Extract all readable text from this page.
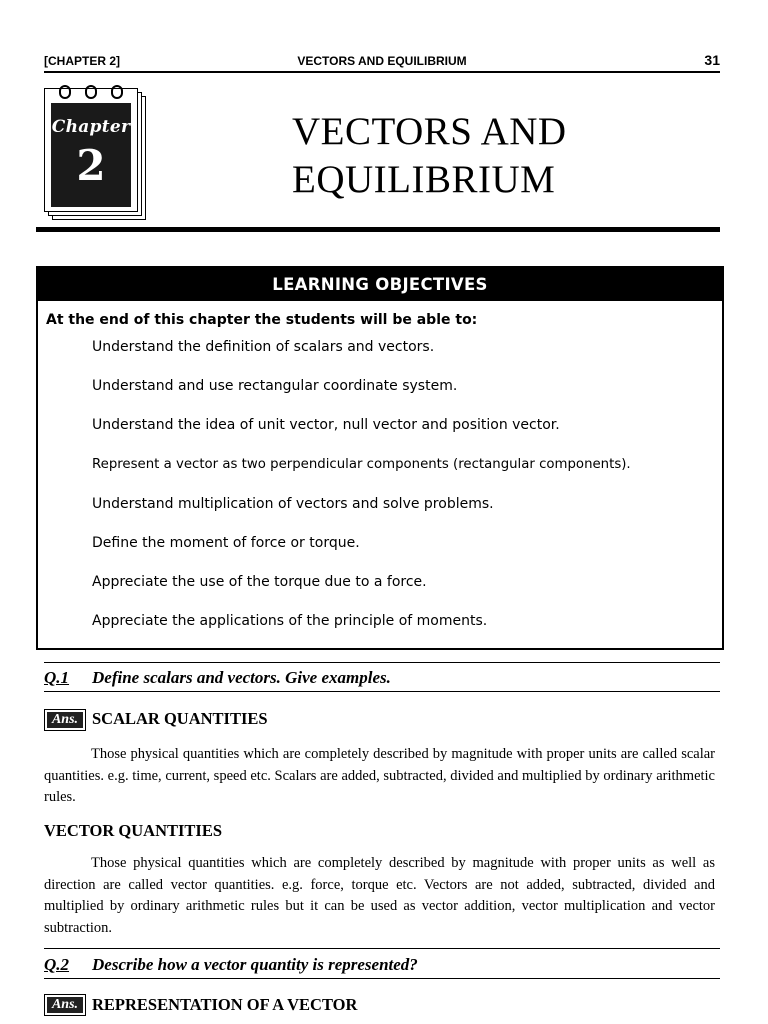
[CHAPTER 2]	VECTORS AND EQUILIBRIUM	31
Chapter
2
VECTORS AND
EQUILIBRIUM
LEARNING OBJECTIVES
At the end of this chapter the students will be able to:
Understand the definition of scalars and vectors.
Understand and use rectangular coordinate system.
Understand the idea of unit vector, null vector and position vector.
Represent a vector as two perpendicular components (rectangular components).
Understand multiplication of vectors and solve problems.
Define the moment of force or torque.
Appreciate the use of the torque due to a force.
Appreciate the applications of the principle of moments.
Q.1 Define scalars and vectors. Give examples.
Ans. SCALAR QUANTITIES

Those physical quantities which are completely described by magnitude with proper units are called scalar quantities. e.g. time, current, speed etc. Scalars are added, subtracted, divided and multiplied by ordinary arithmetic rules.

VECTOR QUANTITIES

Those physical quantities which are completely described by magnitude with proper units as well as direction are called vector quantities. e.g. force, torque etc. Vectors are not added, subtracted, divided and multiplied by ordinary arithmetic rules but it can be used as vector addition, vector multiplication and vector subtraction.

Q.2 Describe how a vector quantity is represented?
Ans. REPRESENTATION OF A VECTOR
